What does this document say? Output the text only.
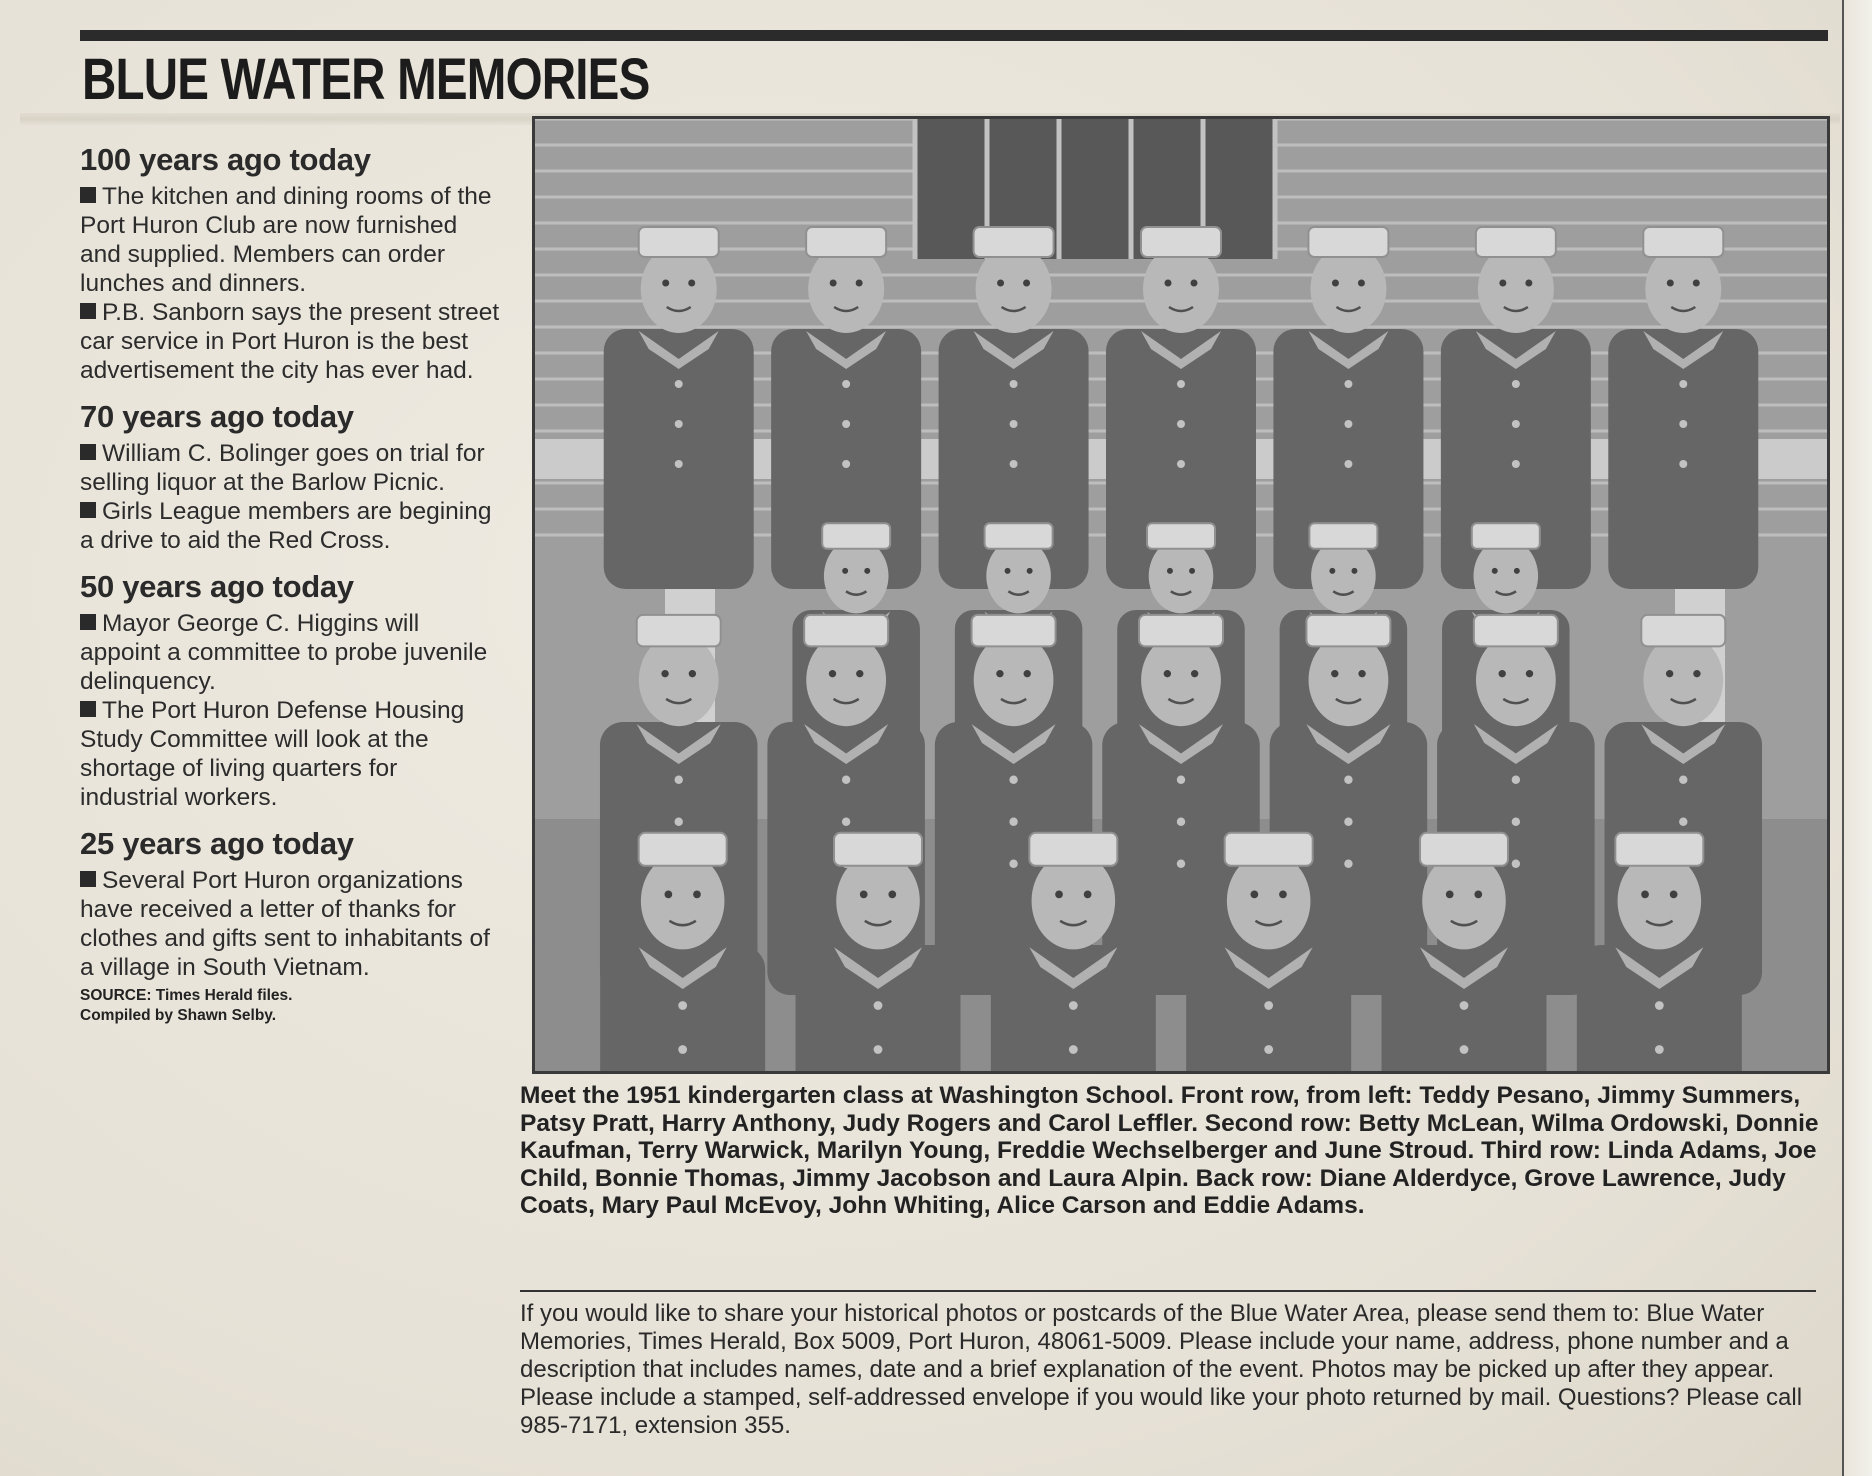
BLUE WATER MEMORIES
100 years ago today
The kitchen and dining rooms of the Port Huron Club are now furnished and supplied. Members can order lunches and dinners.
P.B. Sanborn says the present street car service in Port Huron is the best advertisement the city has ever had.
70 years ago today
William C. Bolinger goes on trial for selling liquor at the Barlow Picnic.
Girls League members are begining a drive to aid the Red Cross.
50 years ago today
Mayor George C. Higgins will appoint a committee to probe juvenile delinquency.
The Port Huron Defense Housing Study Committee will look at the shortage of living quarters for industrial workers.
25 years ago today
Several Port Huron organizations have received a letter of thanks for clothes and gifts sent to inhabitants of a village in South Vietnam.
SOURCE: Times Herald files.
Compiled by Shawn Selby.

Meet the 1951 kindergarten class at Washington School. Front row, from left: Teddy Pesano, Jimmy Summers, Patsy Pratt, Harry Anthony, Judy Rogers and Carol Leffler. Second row: Betty McLean, Wilma Ordowski, Donnie Kaufman, Terry Warwick, Marilyn Young, Freddie Wechselberger and June Stroud. Third row: Linda Adams, Joe Child, Bonnie Thomas, Jimmy Jacobson and Laura Alpin. Back row: Diane Alderdyce, Grove Lawrence, Judy Coats, Mary Paul McEvoy, John Whiting, Alice Carson and Eddie Adams.

If you would like to share your historical photos or postcards of the Blue Water Area, please send them to: Blue Water Memories, Times Herald, Box 5009, Port Huron, 48061-5009. Please include your name, address, phone number and a description that includes names, date and a brief explanation of the event. Photos may be picked up after they appear. Please include a stamped, self-addressed envelope if you would like your photo returned by mail. Questions? Please call 985-7171, extension 355.
